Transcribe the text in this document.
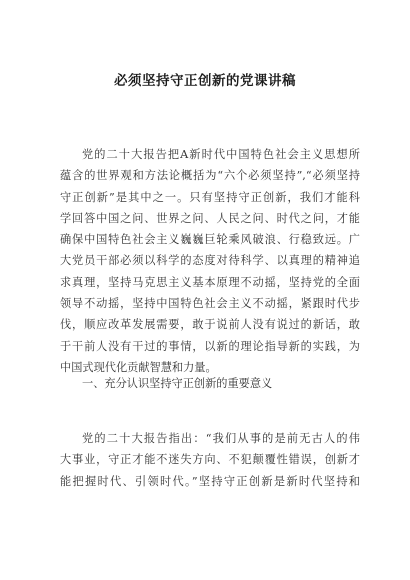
必须坚持守正创新的党课讲稿
党的二十大报告把A新时代中国特色社会主义思想所
蕴含的世界观和方法论概括为“六个必须坚持”,“必须坚持
守正创新”是其中之一。只有坚持守正创新，我们才能科
学回答中国之问、世界之问、人民之问、时代之问，才能
确保中国特色社会主义巍巍巨轮乘风破浪、行稳致远。广
大党员干部必须以科学的态度对待科学、以真理的精神追
求真理，坚持马克思主义基本原理不动摇，坚持党的全面
领导不动摇，坚持中国特色社会主义不动摇，紧跟时代步
伐，顺应改革发展需要，敢于说前人没有说过的新话，敢
于干前人没有干过的事情，以新的理论指导新的实践，为
中国式现代化贡献智慧和力量。
一、充分认识坚持守正创新的重要意义
党的二十大报告指出：“我们从事的是前无古人的伟
大事业，守正才能不迷失方向、不犯颠覆性错误，创新才
能把握时代、引领时代。”坚持守正创新是新时代坚持和
